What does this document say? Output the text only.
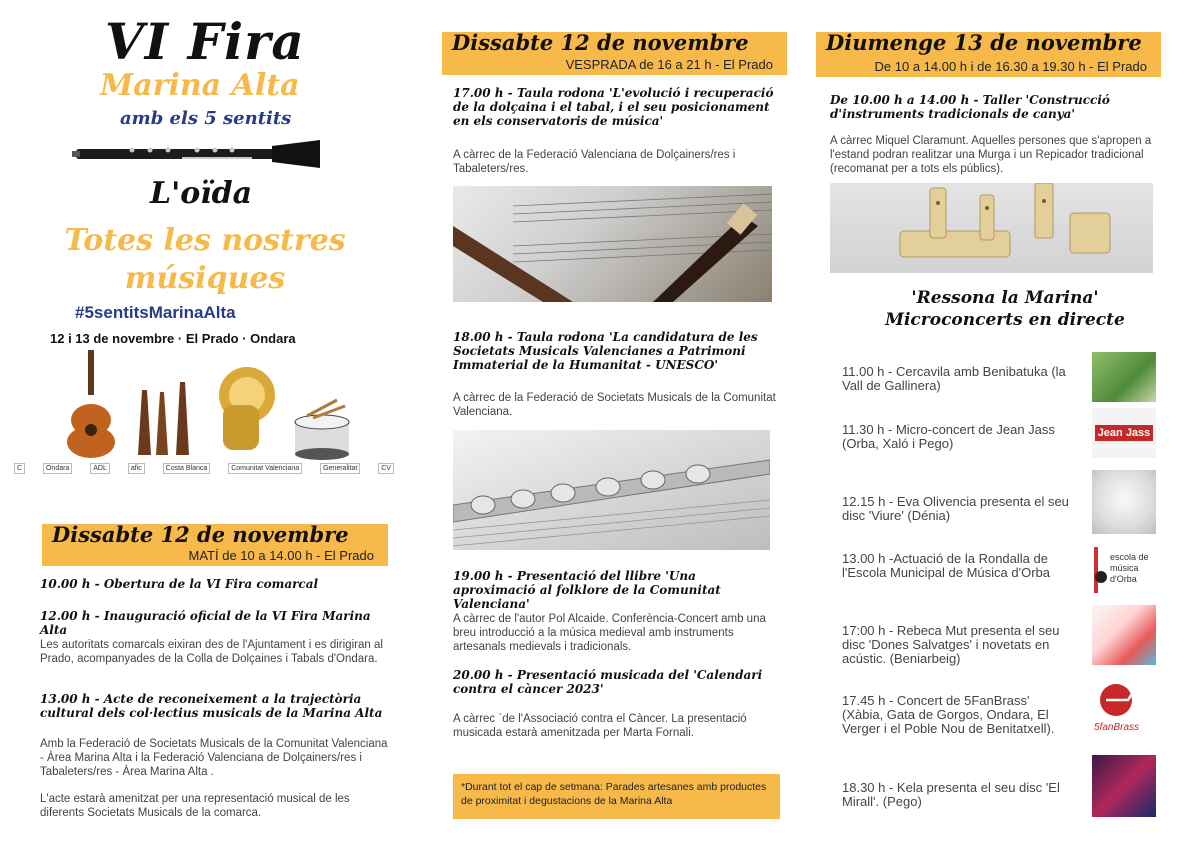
VI Fira
Marina Alta
amb els 5 sentits
L'oïda
Totes les nostres músiques
#5sentitsMarinaAlta
12 i 13 de novembre · El Prado · Ondara
C	Ondara	ADL	afic	Costa Blanca	Comunitat Valenciana	Generalitat	CV
Dissabte 12 de novembre
MATÍ de 10 a 14.00 h - El Prado
10.00 h - Obertura de la VI Fira comarcal
12.00 h - Inauguració oficial de la VI Fira Marina Alta
Les autoritats comarcals eixiran des de l'Ajuntament i es dirigiran al Prado, acompanyades de la Colla de Dolçaines i Tabals d'Ondara.
13.00 h - Acte de reconeixement a la trajectòria cultural dels col·lectius musicals de la Marina Alta
Amb la Federació de Societats Musicals de la Comunitat Valenciana - Àrea Marina Alta i la Federació Valenciana de Dolçainers/res i Tabaleters/res - Àrea Marina Alta .
L'acte estarà amenitzat per una representació musical de les diferents Societats Musicals de la comarca.
Dissabte 12 de novembre
VESPRADA de 16 a 21 h - El Prado
17.00 h - Taula rodona 'L'evolució i recuperació de la dolçaina i el tabal, i el seu posicionament en els conservatoris de música'
A càrrec de la Federació Valenciana de Dolçainers/res i Tabaleters/res.
18.00 h - Taula rodona 'La candidatura de les Societats Musicals Valencianes a Patrimoni Immaterial de la Humanitat - UNESCO'
A càrrec de la Federació de Societats Musicals de la Comunitat Valenciana.
19.00 h - Presentació del llibre 'Una aproximació al folklore de la Comunitat Valenciana'
A càrrec de l'autor Pol Alcaide. Conferència-Concert amb una breu introducció a la música medieval amb instruments artesanals medievals i tradicionals.
20.00 h - Presentació musicada del 'Calendari contra el càncer 2023'
A càrrec `de l'Associació contra el Càncer. La presentació musicada estarà amenitzada per Marta Fornali.
*Durant tot el cap de setmana: Parades artesanes amb productes de proximitat i degustacions de la Marina Alta
Diumenge 13 de novembre
De 10 a 14.00 h i de 16.30 a 19.30 h - El Prado
De 10.00 h a 14.00 h - Taller 'Construcció d'instruments tradicionals de canya'
A càrrec Miquel Claramunt. Aquelles persones que s'apropen a l'estand podran realitzar una Murga i un Repicador tradicional (recomanat per a tots els públics).
'Ressona la Marina'
Microconcerts en directe
11.00 h - Cercavila amb Benibatuka (la Vall de Gallinera)
11.30 h - Micro-concert de Jean Jass (Orba, Xaló i Pego)
Jean Jass
12.15 h - Eva Olivencia presenta el seu disc 'Viure' (Dénia)
13.00 h -Actuació de la Rondalla de l'Escola Municipal de Música d'Orba
escola de música d'Orba
17:00 h - Rebeca Mut presenta el seu disc 'Dones Salvatges' i novetats en acústic. (Beniarbeig)
17.45 h - Concert de 5FanBrass' (Xàbia, Gata de Gorgos, Ondara, El Verger i el Poble Nou de Benitatxell).	5fanBrass
18.30 h - Kela presenta el seu disc 'El Mirall'. (Pego)
